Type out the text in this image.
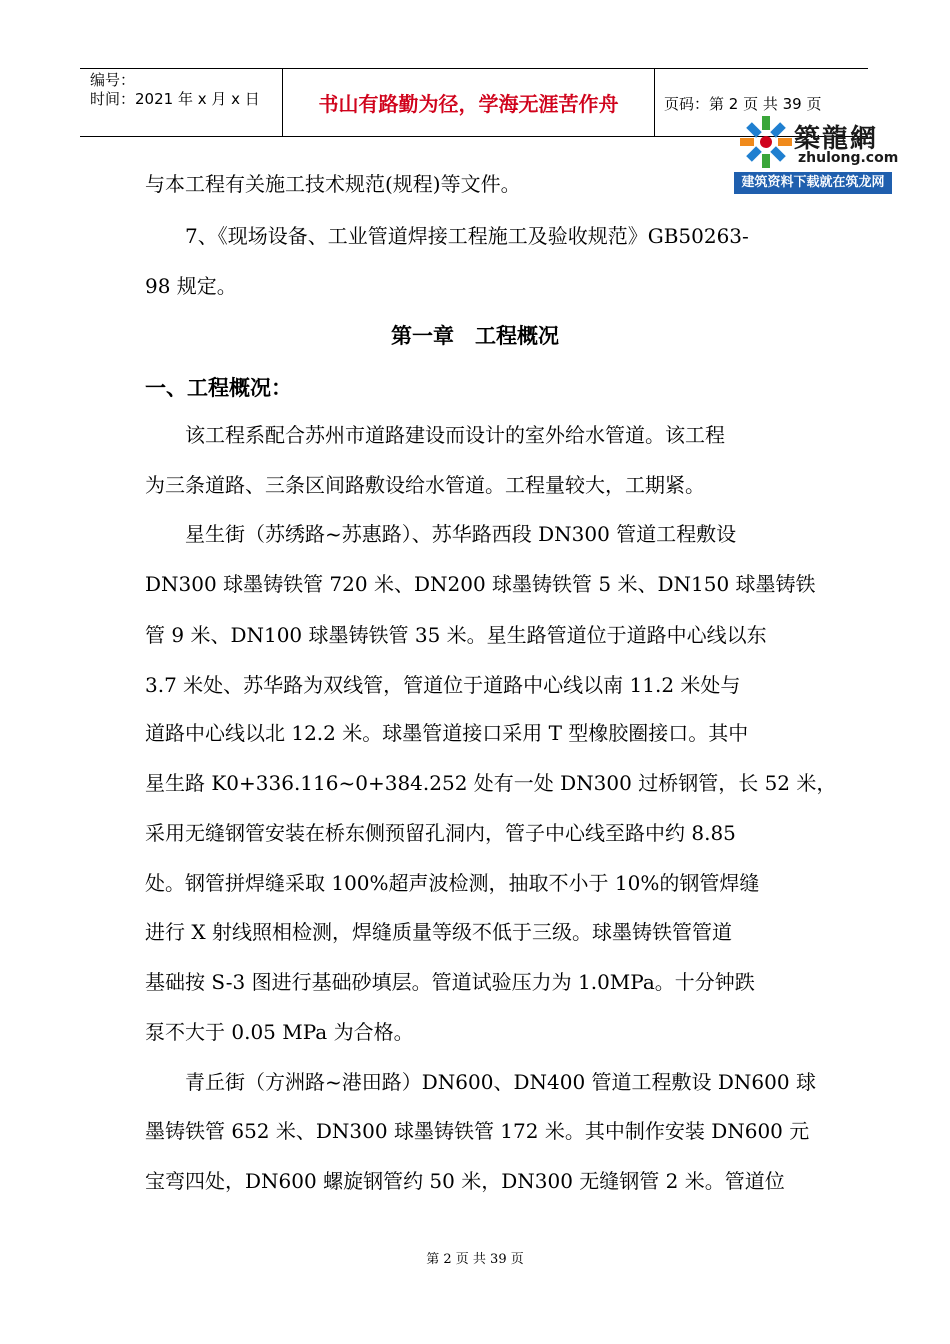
编号：
时间：2021 年 x 月 x 日	书山有路勤为径，学海无涯苦作舟	页码：第 2 页 共 39 页
築龍網
zhulong.com
建筑资料下载就在筑龙网
与本工程有关施工技术规范(规程)等文件。
　　7、《现场设备、工业管道焊接工程施工及验收规范》GB50263-
98 规定。
第一章　工程概况
一、工程概况：
　　该工程系配合苏州市道路建设而设计的室外给水管道。该工程
为三条道路、三条区间路敷设给水管道。工程量较大，工期紧。
　　星生街（苏绣路~苏惠路）、苏华路西段 DN300 管道工程敷设
DN300 球墨铸铁管 720 米、DN200 球墨铸铁管 5 米、DN150 球墨铸铁
管 9 米、DN100 球墨铸铁管 35 米。星生路管道位于道路中心线以东
3.7 米处、苏华路为双线管，管道位于道路中心线以南 11.2 米处与
道路中心线以北 12.2 米。球墨管道接口采用 T 型橡胶圈接口。其中
星生路 K0+336.116~0+384.252 处有一处 DN300 过桥钢管，长 52 米，
采用无缝钢管安装在桥东侧预留孔洞内，管子中心线至路中约 8.85
处。钢管拼焊缝采取 100%超声波检测，抽取不小于 10%的钢管焊缝
进行 X 射线照相检测，焊缝质量等级不低于三级。球墨铸铁管管道
基础按 S-3 图进行基础砂填层。管道试验压力为 1.0MPa。十分钟跌
泵不大于 0.05 MPa 为合格。
　　青丘街（方洲路~港田路）DN600、DN400 管道工程敷设 DN600 球
墨铸铁管 652 米、DN300 球墨铸铁管 172 米。其中制作安装 DN600 元
宝弯四处，DN600 螺旋钢管约 50 米，DN300 无缝钢管 2 米。管道位
第 2 页 共 39 页
